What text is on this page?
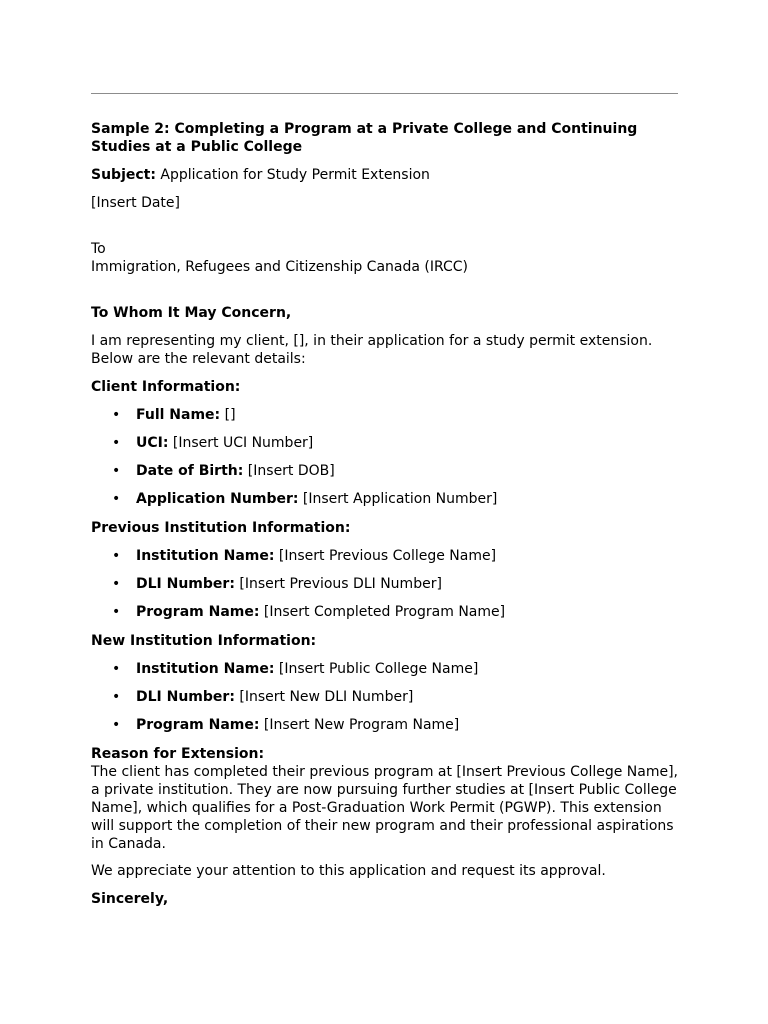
Sample 2: Completing a Program at a Private College and Continuing Studies at a Public College

Subject: Application for Study Permit Extension

[Insert Date]

To

Immigration, Refugees and Citizenship Canada (IRCC)

To Whom It May Concern,

I am representing my client, [], in their application for a study permit extension. Below are the relevant details:

Client Information:

• Full Name: []
• UCI: [Insert UCI Number]
• Date of Birth: [Insert DOB]
• Application Number: [Insert Application Number]

Previous Institution Information:

• Institution Name: [Insert Previous College Name]
• DLI Number: [Insert Previous DLI Number]
• Program Name: [Insert Completed Program Name]

New Institution Information:

• Institution Name: [Insert Public College Name]
• DLI Number: [Insert New DLI Number]
• Program Name: [Insert New Program Name]

Reason for Extension:

The client has completed their previous program at [Insert Previous College Name], a private institution. They are now pursuing further studies at [Insert Public College Name], which qualifies for a Post-Graduation Work Permit (PGWP). This extension will support the completion of their new program and their professional aspirations in Canada.

We appreciate your attention to this application and request its approval.

Sincerely,
